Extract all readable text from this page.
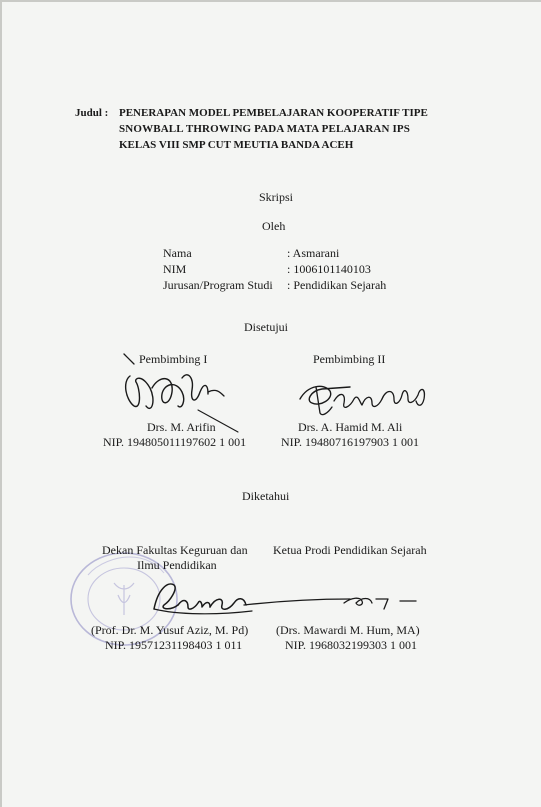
Judul : PENERAPAN MODEL PEMBELAJARAN KOOPERATIF TIPE
SNOWBALL THROWING PADA MATA PELAJARAN IPS
KELAS VIII SMP CUT MEUTIA BANDA ACEH
Skripsi
Oleh
Nama	: Asmarani
NIM	: 1006101140103
Jurusan/Program Studi : Pendidikan Sejarah
Disetujui
Pembimbing I
Drs. M. Arifin
NIP. 194805011197602 1 001
Pembimbing II
Drs. A. Hamid M. Ali
NIP. 19480716197903 1 001
Diketahui
Dekan Fakultas Keguruan dan
Ilmu Pendidikan
(Prof. Dr. M. Yusuf Aziz, M. Pd)
NIP. 19571231198403 1 011
Ketua Prodi Pendidikan Sejarah
(Drs. Mawardi M. Hum, MA)
NIP. 1968032199303 1 001
